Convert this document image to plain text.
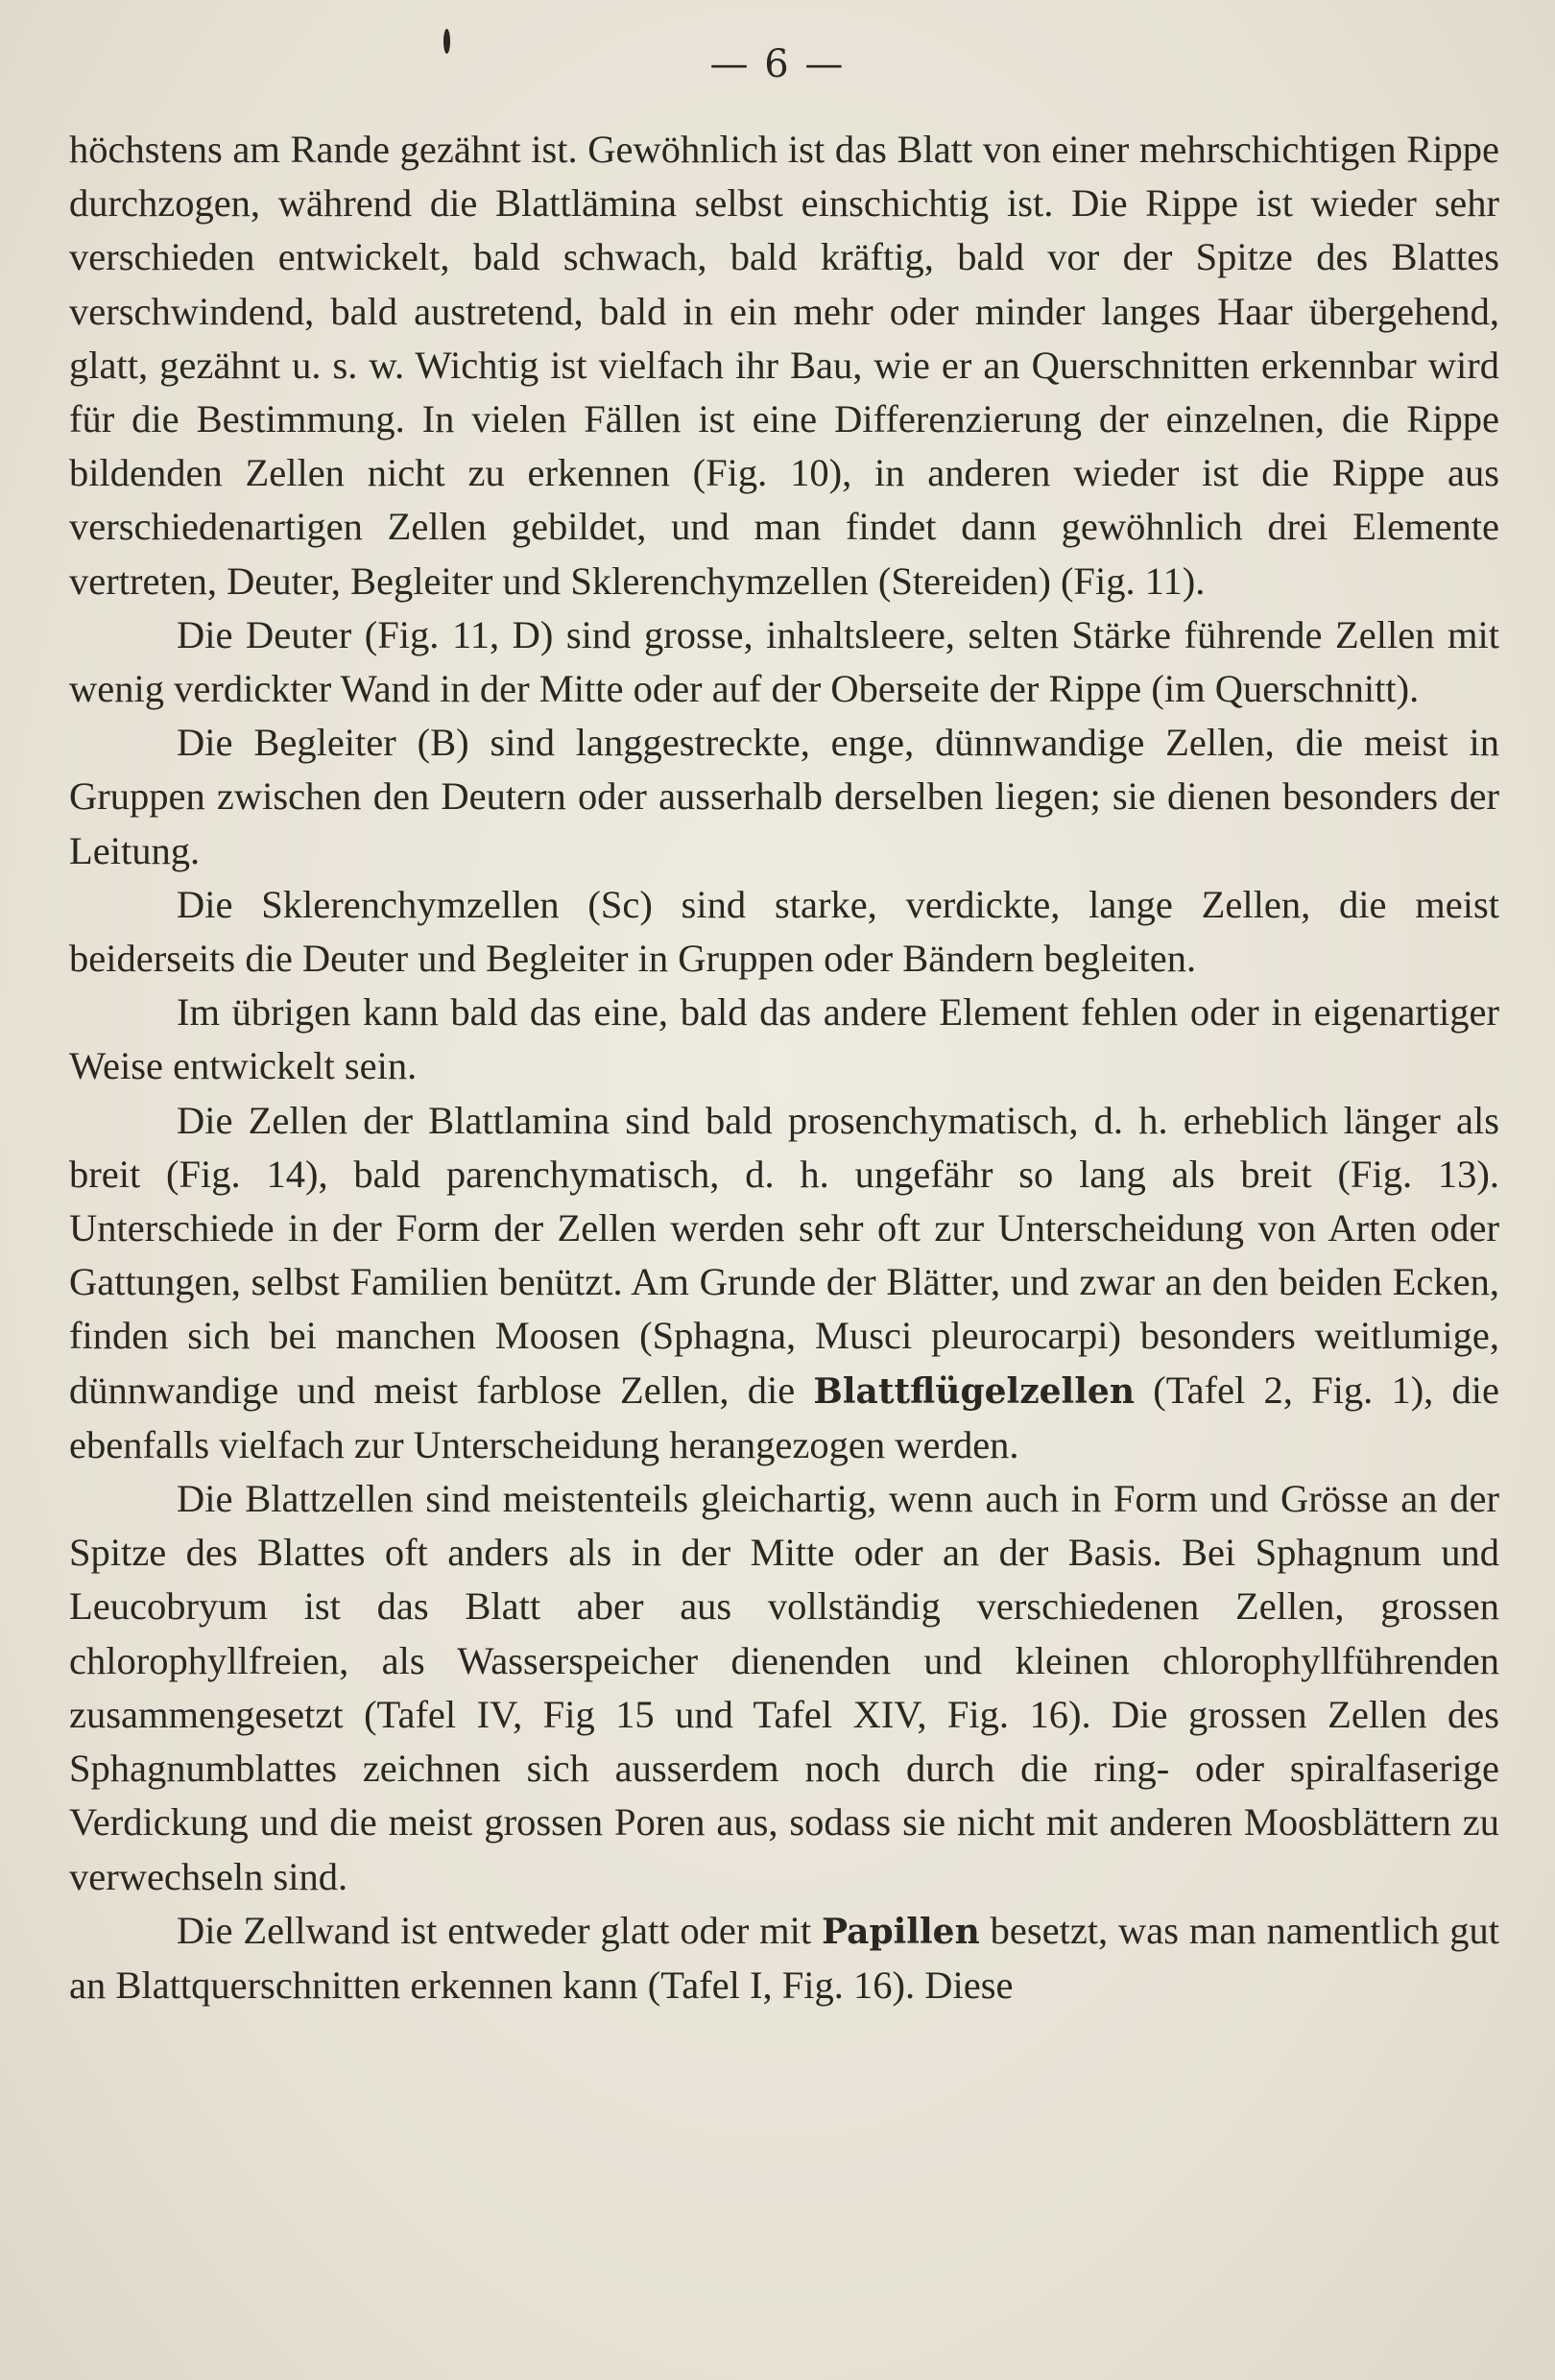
— 6 —

höchstens am Rande gezähnt ist. Gewöhnlich ist das Blatt von einer mehrschichtigen Rippe durchzogen, während die Blattlämina selbst einschichtig ist. Die Rippe ist wieder sehr verschieden entwickelt, bald schwach, bald kräftig, bald vor der Spitze des Blattes verschwindend, bald austretend, bald in ein mehr oder minder langes Haar übergehend, glatt, gezähnt u. s. w. Wichtig ist vielfach ihr Bau, wie er an Querschnitten erkennbar wird für die Bestimmung. In vielen Fällen ist eine Differenzierung der einzelnen, die Rippe bildenden Zellen nicht zu erkennen (Fig. 10), in anderen wieder ist die Rippe aus verschiedenartigen Zellen gebildet, und man findet dann gewöhnlich drei Elemente vertreten, Deuter, Begleiter und Sklerenchymzellen (Stereiden) (Fig. 11).

Die Deuter (Fig. 11, D) sind grosse, inhaltsleere, selten Stärke führende Zellen mit wenig verdickter Wand in der Mitte oder auf der Oberseite der Rippe (im Querschnitt).

Die Begleiter (B) sind langgestreckte, enge, dünnwandige Zellen, die meist in Gruppen zwischen den Deutern oder ausserhalb derselben liegen; sie dienen besonders der Leitung.

Die Sklerenchymzellen (Sc) sind starke, verdickte, lange Zellen, die meist beiderseits die Deuter und Begleiter in Gruppen oder Bändern begleiten.

Im übrigen kann bald das eine, bald das andere Element fehlen oder in eigenartiger Weise entwickelt sein.

Die Zellen der Blattlamina sind bald prosenchymatisch, d. h. erheblich länger als breit (Fig. 14), bald parenchymatisch, d. h. ungefähr so lang als breit (Fig. 13). Unterschiede in der Form der Zellen werden sehr oft zur Unterscheidung von Arten oder Gattungen, selbst Familien benützt. Am Grunde der Blätter, und zwar an den beiden Ecken, finden sich bei manchen Moosen (Sphagna, Musci pleurocarpi) besonders weitlumige, dünnwandige und meist farblose Zellen, die Blattflügelzellen (Tafel 2, Fig. 1), die ebenfalls vielfach zur Unterscheidung herangezogen werden.

Die Blattzellen sind meistenteils gleichartig, wenn auch in Form und Grösse an der Spitze des Blattes oft anders als in der Mitte oder an der Basis. Bei Sphagnum und Leucobryum ist das Blatt aber aus vollständig verschiedenen Zellen, grossen chlorophyllfreien, als Wasserspeicher dienenden und kleinen chlorophyllführenden zusammengesetzt (Tafel IV, Fig 15 und Tafel XIV, Fig. 16). Die grossen Zellen des Sphagnumblattes zeichnen sich ausserdem noch durch die ring- oder spiralfaserige Verdickung und die meist grossen Poren aus, sodass sie nicht mit anderen Moosblättern zu verwechseln sind.

Die Zellwand ist entweder glatt oder mit Papillen besetzt, was man namentlich gut an Blattquerschnitten erkennen kann (Tafel I, Fig. 16). Diese
